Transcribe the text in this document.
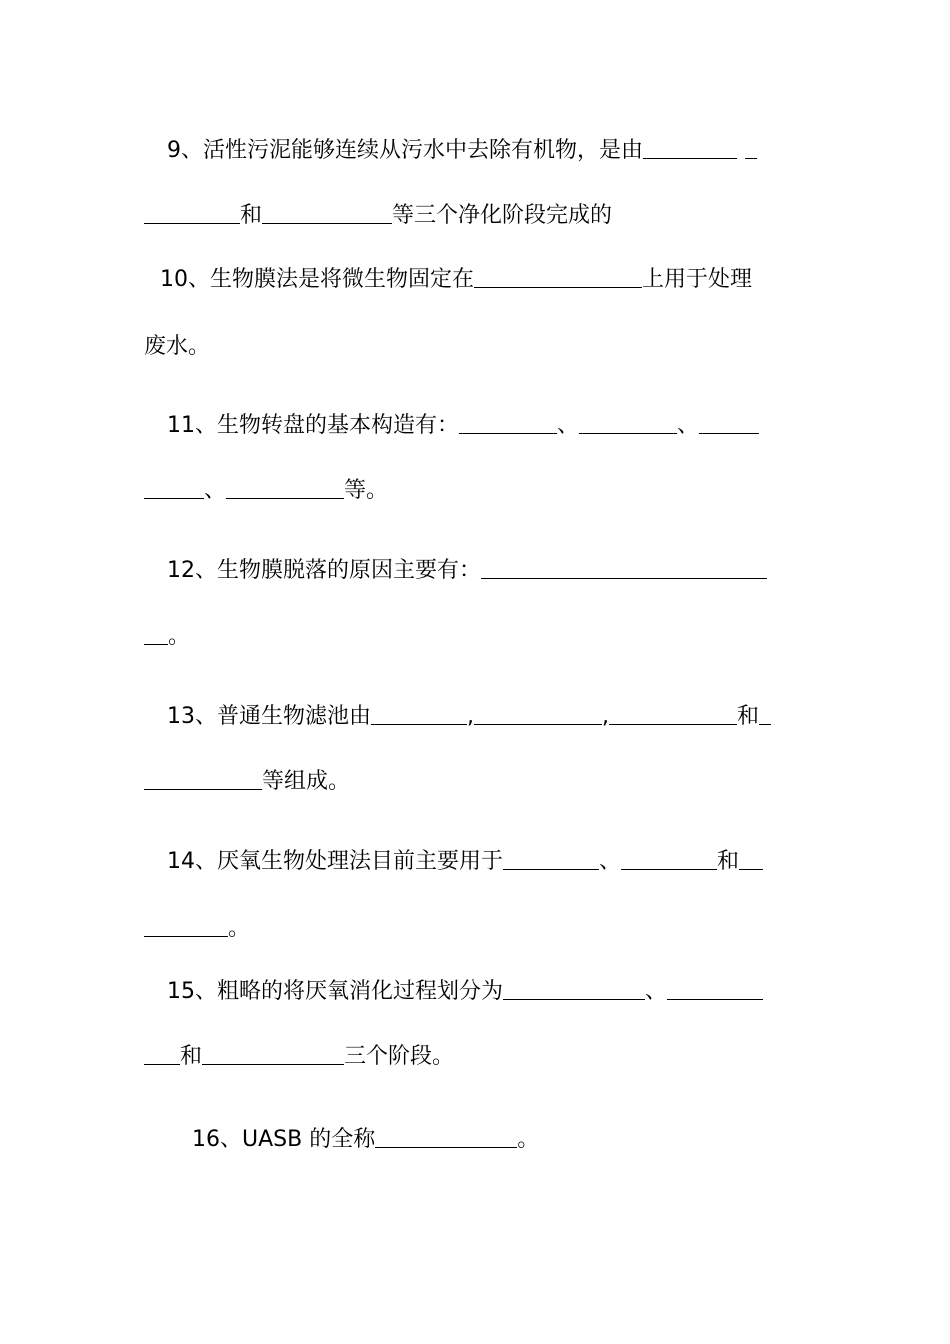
9、活性污泥能够连续从污水中去除有机物，是由
和	等三个净化阶段完成的
10、生物膜法是将微生物固定在	上用于处理
废水。
11、生物转盘的基本构造有：	、	、
、	等。
12、生物膜脱落的原因主要有：
。
13、普通生物滤池由	,	,	和
等组成。
14、厌氧生物处理法目前主要用于	、	和
。
15、粗略的将厌氧消化过程划分为	、
和	三个阶段。
16、UASB 的全称	。
